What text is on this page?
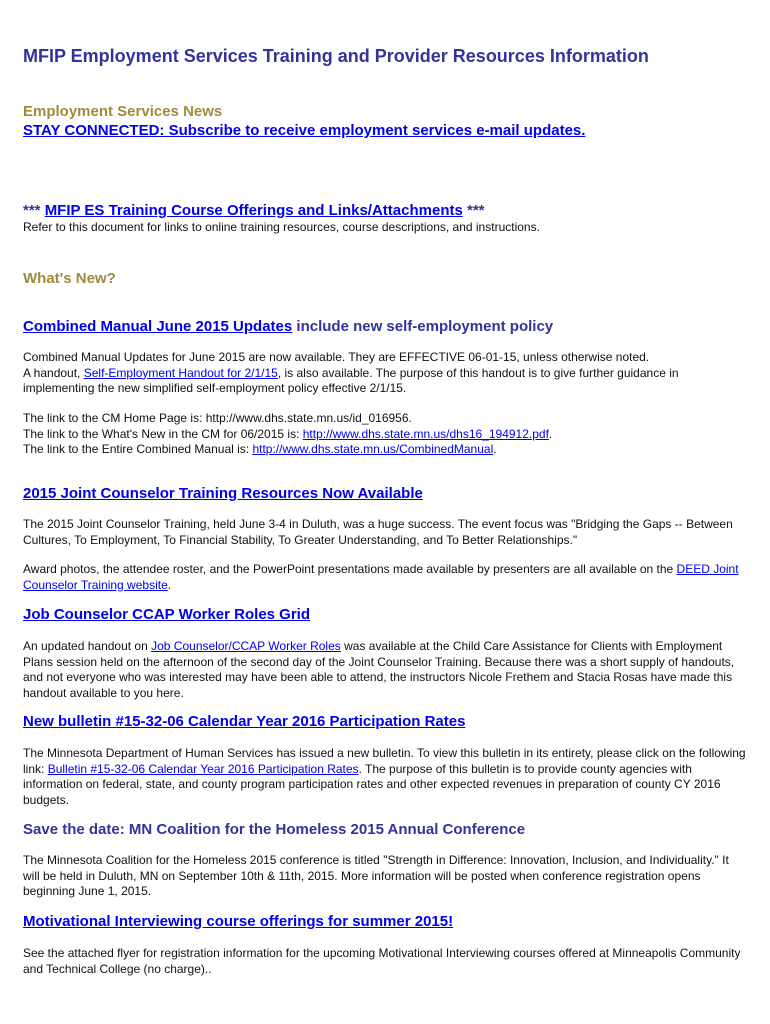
MFIP Employment Services Training and Provider Resources Information
Employment Services News
STAY CONNECTED: Subscribe to receive employment services e-mail updates.
*** MFIP ES Training Course Offerings and Links/Attachments ***
Refer to this document for links to online training resources, course descriptions, and instructions.
What's New?
Combined Manual June 2015 Updates include new self-employment policy

Combined Manual Updates for June 2015 are now available. They are EFFECTIVE 06-01-15, unless otherwise noted.
A handout, Self-Employment Handout for 2/1/15, is also available. The purpose of this handout is to give further guidance in implementing the new simplified self-employment policy effective 2/1/15.

The link to the CM Home Page is: http://www.dhs.state.mn.us/id_016956.
The link to the What's New in the CM for 06/2015 is: http://www.dhs.state.mn.us/dhs16_194912.pdf.
The link to the Entire Combined Manual is: http://www.dhs.state.mn.us/CombinedManual.

2015 Joint Counselor Training Resources Now Available

The 2015 Joint Counselor Training, held June 3-4 in Duluth, was a huge success. The event focus was "Bridging the Gaps -- Between Cultures, To Employment, To Financial Stability, To Greater Understanding, and To Better Relationships."

Award photos, the attendee roster, and the PowerPoint presentations made available by presenters are all available on the DEED Joint Counselor Training website.

Job Counselor CCAP Worker Roles Grid

An updated handout on Job Counselor/CCAP Worker Roles was available at the Child Care Assistance for Clients with Employment Plans session held on the afternoon of the second day of the Joint Counselor Training. Because there was a short supply of handouts, and not everyone who was interested may have been able to attend, the instructors Nicole Frethem and Stacia Rosas have made this handout available to you here.

New bulletin #15-32-06 Calendar Year 2016 Participation Rates

The Minnesota Department of Human Services has issued a new bulletin. To view this bulletin in its entirety, please click on the following link: Bulletin #15-32-06 Calendar Year 2016 Participation Rates. The purpose of this bulletin is to provide county agencies with information on federal, state, and county program participation rates and other expected revenues in preparation of county CY 2016 budgets.

Save the date: MN Coalition for the Homeless 2015 Annual Conference

The Minnesota Coalition for the Homeless 2015 conference is titled "Strength in Difference: Innovation, Inclusion, and Individuality." It will be held in Duluth, MN on September 10th & 11th, 2015. More information will be posted when conference registration opens beginning June 1, 2015.

Motivational Interviewing course offerings for summer 2015!

See the attached flyer for registration information for the upcoming Motivational Interviewing courses offered at Minneapolis Community and Technical College (no charge)..
